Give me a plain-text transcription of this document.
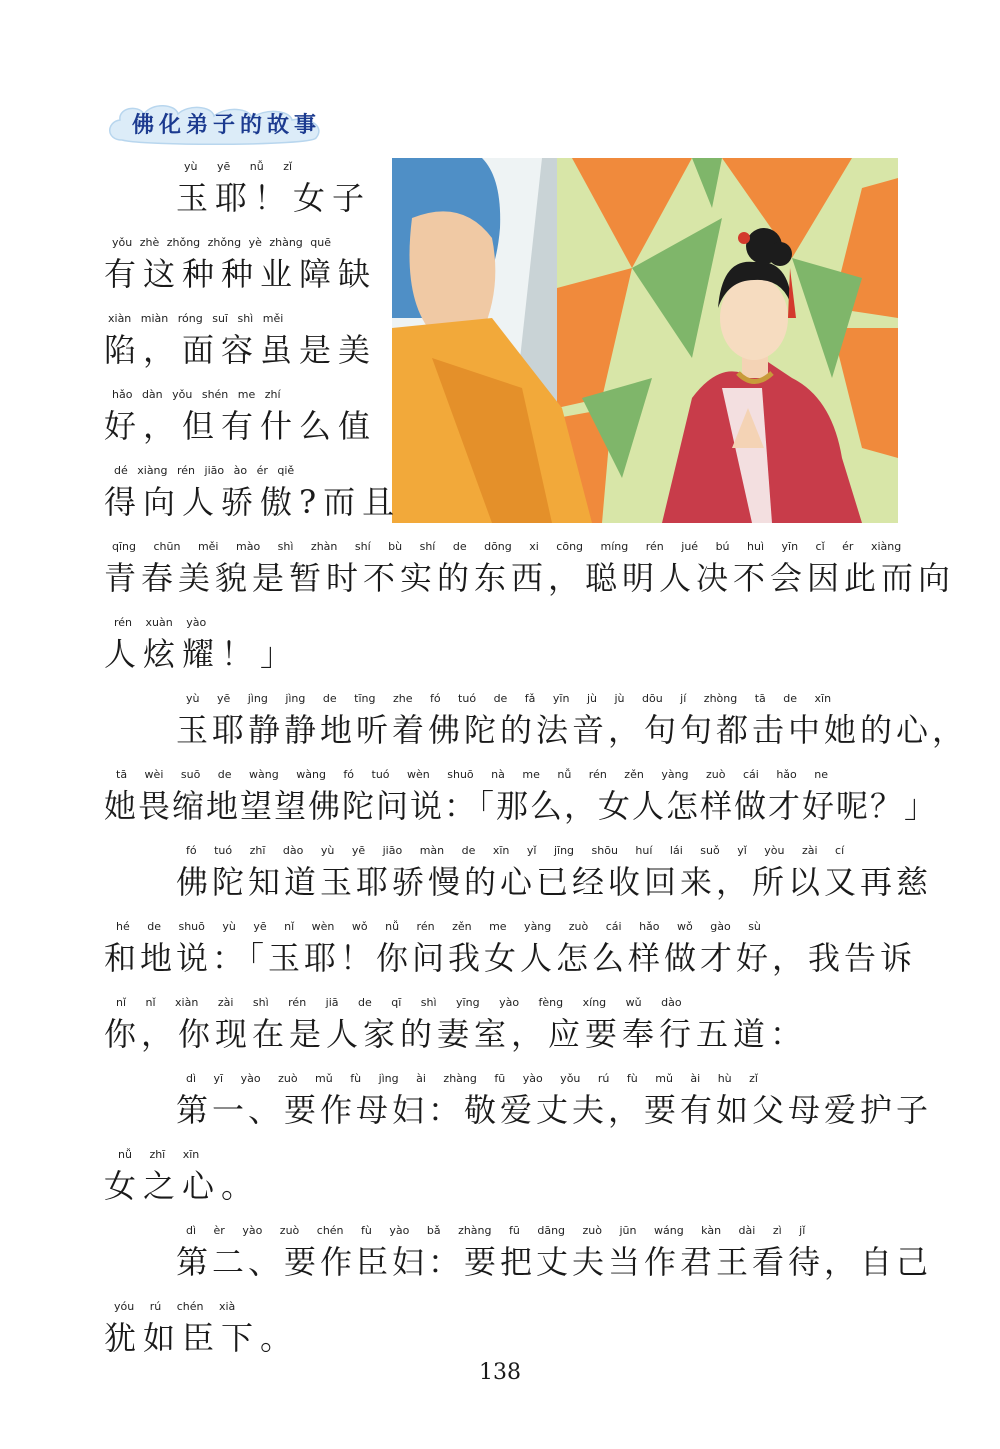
佛化弟子的故事
yù yē nǚ zǐ
玉耶！女子
yǒu zhè zhǒng zhǒng yè zhàng quē
有这种种业障缺
xiàn miàn róng suī shì měi
陷，面容虽是美
hǎo dàn yǒu shén me zhí
好，但有什么值
dé xiàng rén jiāo ào ér qiě
得向人骄傲?而且
qīng chūn měi mào shì zhàn shí bù shí de dōng xi cōng míng rén jué bú huì yīn cǐ ér xiàng
青春美貌是暂时不实的东西，聪明人决不会因此而向
rén xuàn yào
人炫耀！」
yù yē jìng jìng de tīng zhe fó tuó de fǎ yīn jù jù dōu jí zhòng tā de xīn
玉耶静静地听着佛陀的法音，句句都击中她的心，
tā wèi suō de wàng wàng fó tuó wèn shuō nà me nǚ rén zěn yàng zuò cái hǎo ne
她畏缩地望望佛陀问说：「那么，女人怎样做才好呢？」
fó tuó zhī dào yù yē jiāo màn de xīn yǐ jīng shōu huí lái suǒ yǐ yòu zài cí
佛陀知道玉耶骄慢的心已经收回来，所以又再慈
hé de shuō yù yē nǐ wèn wǒ nǚ rén zěn me yàng zuò cái hǎo wǒ gào sù
和地说：「玉耶！你问我女人怎么样做才好，我告诉
nǐ nǐ xiàn zài shì rén jiā de qī shì yīng yào fèng xíng wǔ dào
你，你现在是人家的妻室，应要奉行五道：
dì yī yào zuò mǔ fù jìng ài zhàng fū yào yǒu rú fù mǔ ài hù zǐ
第一、要作母妇：敬爱丈夫，要有如父母爱护子
nǚ zhī xīn
女之心。
dì èr yào zuò chén fù yào bǎ zhàng fū dāng zuò jūn wáng kàn dài zì jǐ
第二、要作臣妇：要把丈夫当作君王看待，自己
yóu rú chén xià
犹如臣下。
138
